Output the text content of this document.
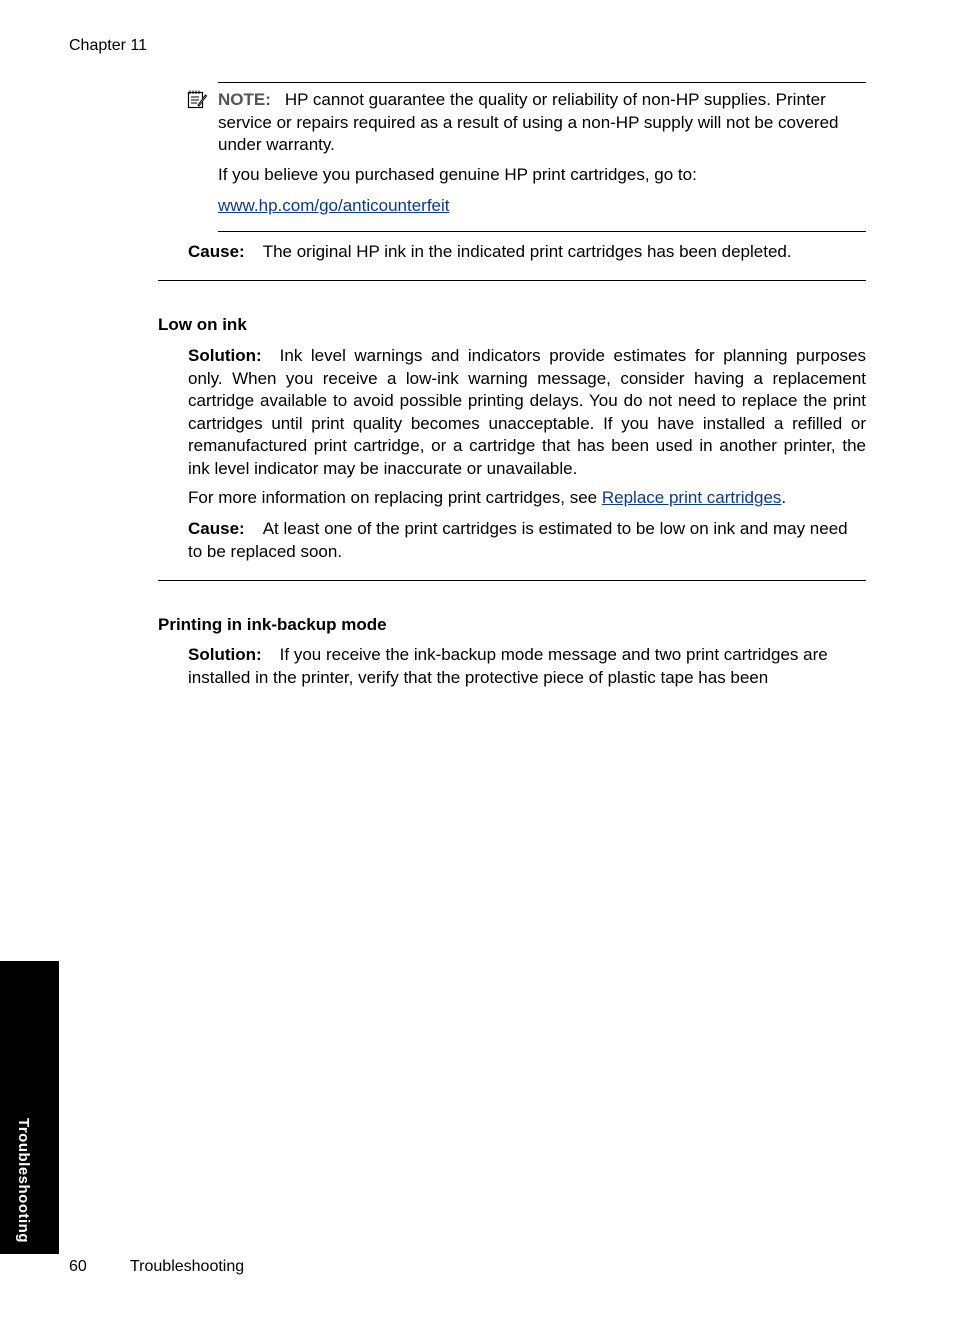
Chapter 11
NOTE: HP cannot guarantee the quality or reliability of non-HP supplies. Printer service or repairs required as a result of using a non-HP supply will not be covered under warranty.
If you believe you purchased genuine HP print cartridges, go to:
www.hp.com/go/anticounterfeit
Cause: The original HP ink in the indicated print cartridges has been depleted.
Low on ink
Solution: Ink level warnings and indicators provide estimates for planning purposes only. When you receive a low-ink warning message, consider having a replacement cartridge available to avoid possible printing delays. You do not need to replace the print cartridges until print quality becomes unacceptable. If you have installed a refilled or remanufactured print cartridge, or a cartridge that has been used in another printer, the ink level indicator may be inaccurate or unavailable.
For more information on replacing print cartridges, see Replace print cartridges.
Cause: At least one of the print cartridges is estimated to be low on ink and may need to be replaced soon.
Printing in ink-backup mode
Solution: If you receive the ink-backup mode message and two print cartridges are installed in the printer, verify that the protective piece of plastic tape has been
Troubleshooting
60	Troubleshooting
